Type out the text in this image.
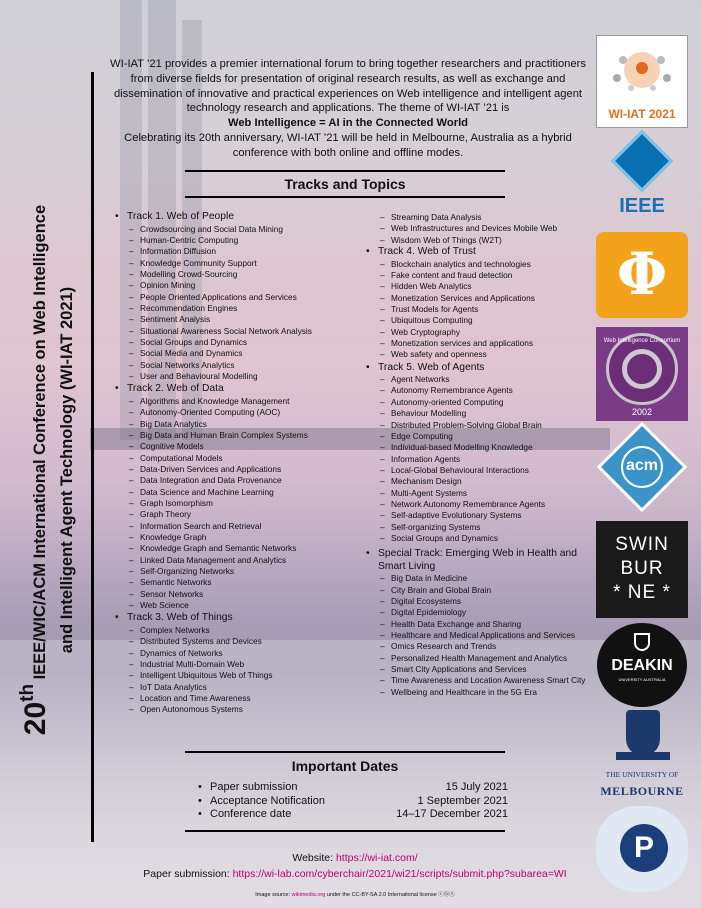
20th IEEE/WIC/ACM International Conference on Web Intelligence and Intelligent Agent Technology (WI-IAT 2021)
WI-IAT ’21 provides a premier international forum to bring together researchers and practitioners from diverse fields for presentation of original research results, as well as exchange and dissemination of innovative and practical experiences on Web intelligence and intelligent agent technology research and applications. The theme of WI-IAT ’21 is
Web Intelligence = AI in the Connected World
Celebrating its 20th anniversary, WI-IAT ’21 will be held in Melbourne, Australia as a hybrid conference with both online and offline modes.
Tracks and Topics
• Track 1. Web of People
– Crowdsourcing and Social Data Mining
– Human-Centric Computing
– Information Diffusion
– Knowledge Community Support
– Modelling Crowd-Sourcing
– Opinion Mining
– People Oriented Applications and Services
– Recommendation Engines
– Sentiment Analysis
– Situational Awareness Social Network Analysis
– Social Groups and Dynamics
– Social Media and Dynamics
– Social Networks Analytics
– User and Behavioural Modelling
• Track 2. Web of Data
– Algorithms and Knowledge Management
– Autonomy-Oriented Computing (AOC)
– Big Data Analytics
– Big Data and Human Brain Complex Systems
– Cognitive Models
– Computational Models
– Data-Driven Services and Applications
– Data Integration and Data Provenance
– Data Science and Machine Learning
– Graph Isomorphism
– Graph Theory
– Information Search and Retrieval
– Knowledge Graph
– Knowledge Graph and Semantic Networks
– Linked Data Management and Analytics
– Self-Organizing Networks
– Semantic Networks
– Sensor Networks
– Web Science
• Track 3. Web of Things
– Complex Networks
– Distributed Systems and Devices
– Dynamics of Networks
– Industrial Multi-Domain Web
– Intelligent Ubiquitous Web of Things
– IoT Data Analytics
– Location and Time Awareness
– Open Autonomous Systems
– Streaming Data Analysis
– Web Infrastructures and Devices Mobile Web
– Wisdom Web of Things (W2T)
• Track 4. Web of Trust
– Blockchain analytics and technologies
– Fake content and fraud detection
– Hidden Web Analytics
– Monetization Services and Applications
– Trust Models for Agents
– Ubiquitous Computing
– Web Cryptography
– Monetization services and applications
– Web safety and openness
• Track 5. Web of Agents
– Agent Networks
– Autonomy Remembrance Agents
– Autonomy-oriented Computing
– Behaviour Modelling
– Distributed Problem-Solving Global Brain
– Edge Computing
– Individual-based Modelling Knowledge
– Information Agents
– Local-Global Behavioural Interactions
– Mechanism Design
– Multi-Agent Systems
– Network Autonomy Remembrance Agents
– Self-adaptive Evolutionary Systems
– Self-organizing Systems
– Social Groups and Dynamics
• Special Track: Emerging Web in Health and Smart Living
– Big Data in Medicine
– City Brain and Global Brain
– Digital Ecosystems
– Digital Epidemiology
– Health Data Exchange and Sharing
– Healthcare and Medical Applications and Services
– Omics Research and Trends
– Personalized Health Management and Analytics
– Smart City Applications and Services
– Time Awareness and Location Awareness Smart City
– Wellbeing and Healthcare in the 5G Era
Important Dates
• Paper submission	15 July 2021
• Acceptance Notification	1 September 2021
• Conference date	14–17 December 2021
Website: https://wi-iat.com/
Paper submission: https://wi-lab.com/cyberchair/2021/wi21/scripts/submit.php?subarea=WI
Image source: wikimedia.org under the CC-BY-SA 2.0 International license ⓒⓑⓢ
WI-IAT 2021
IEEE
Φ
Web Intelligence Consortium
2002
acm
SWIN
BUR
* NE *
DEAKIN
UNIVERSITY AUSTRALIA
THE UNIVERSITY OF
MELBOURNE
P
